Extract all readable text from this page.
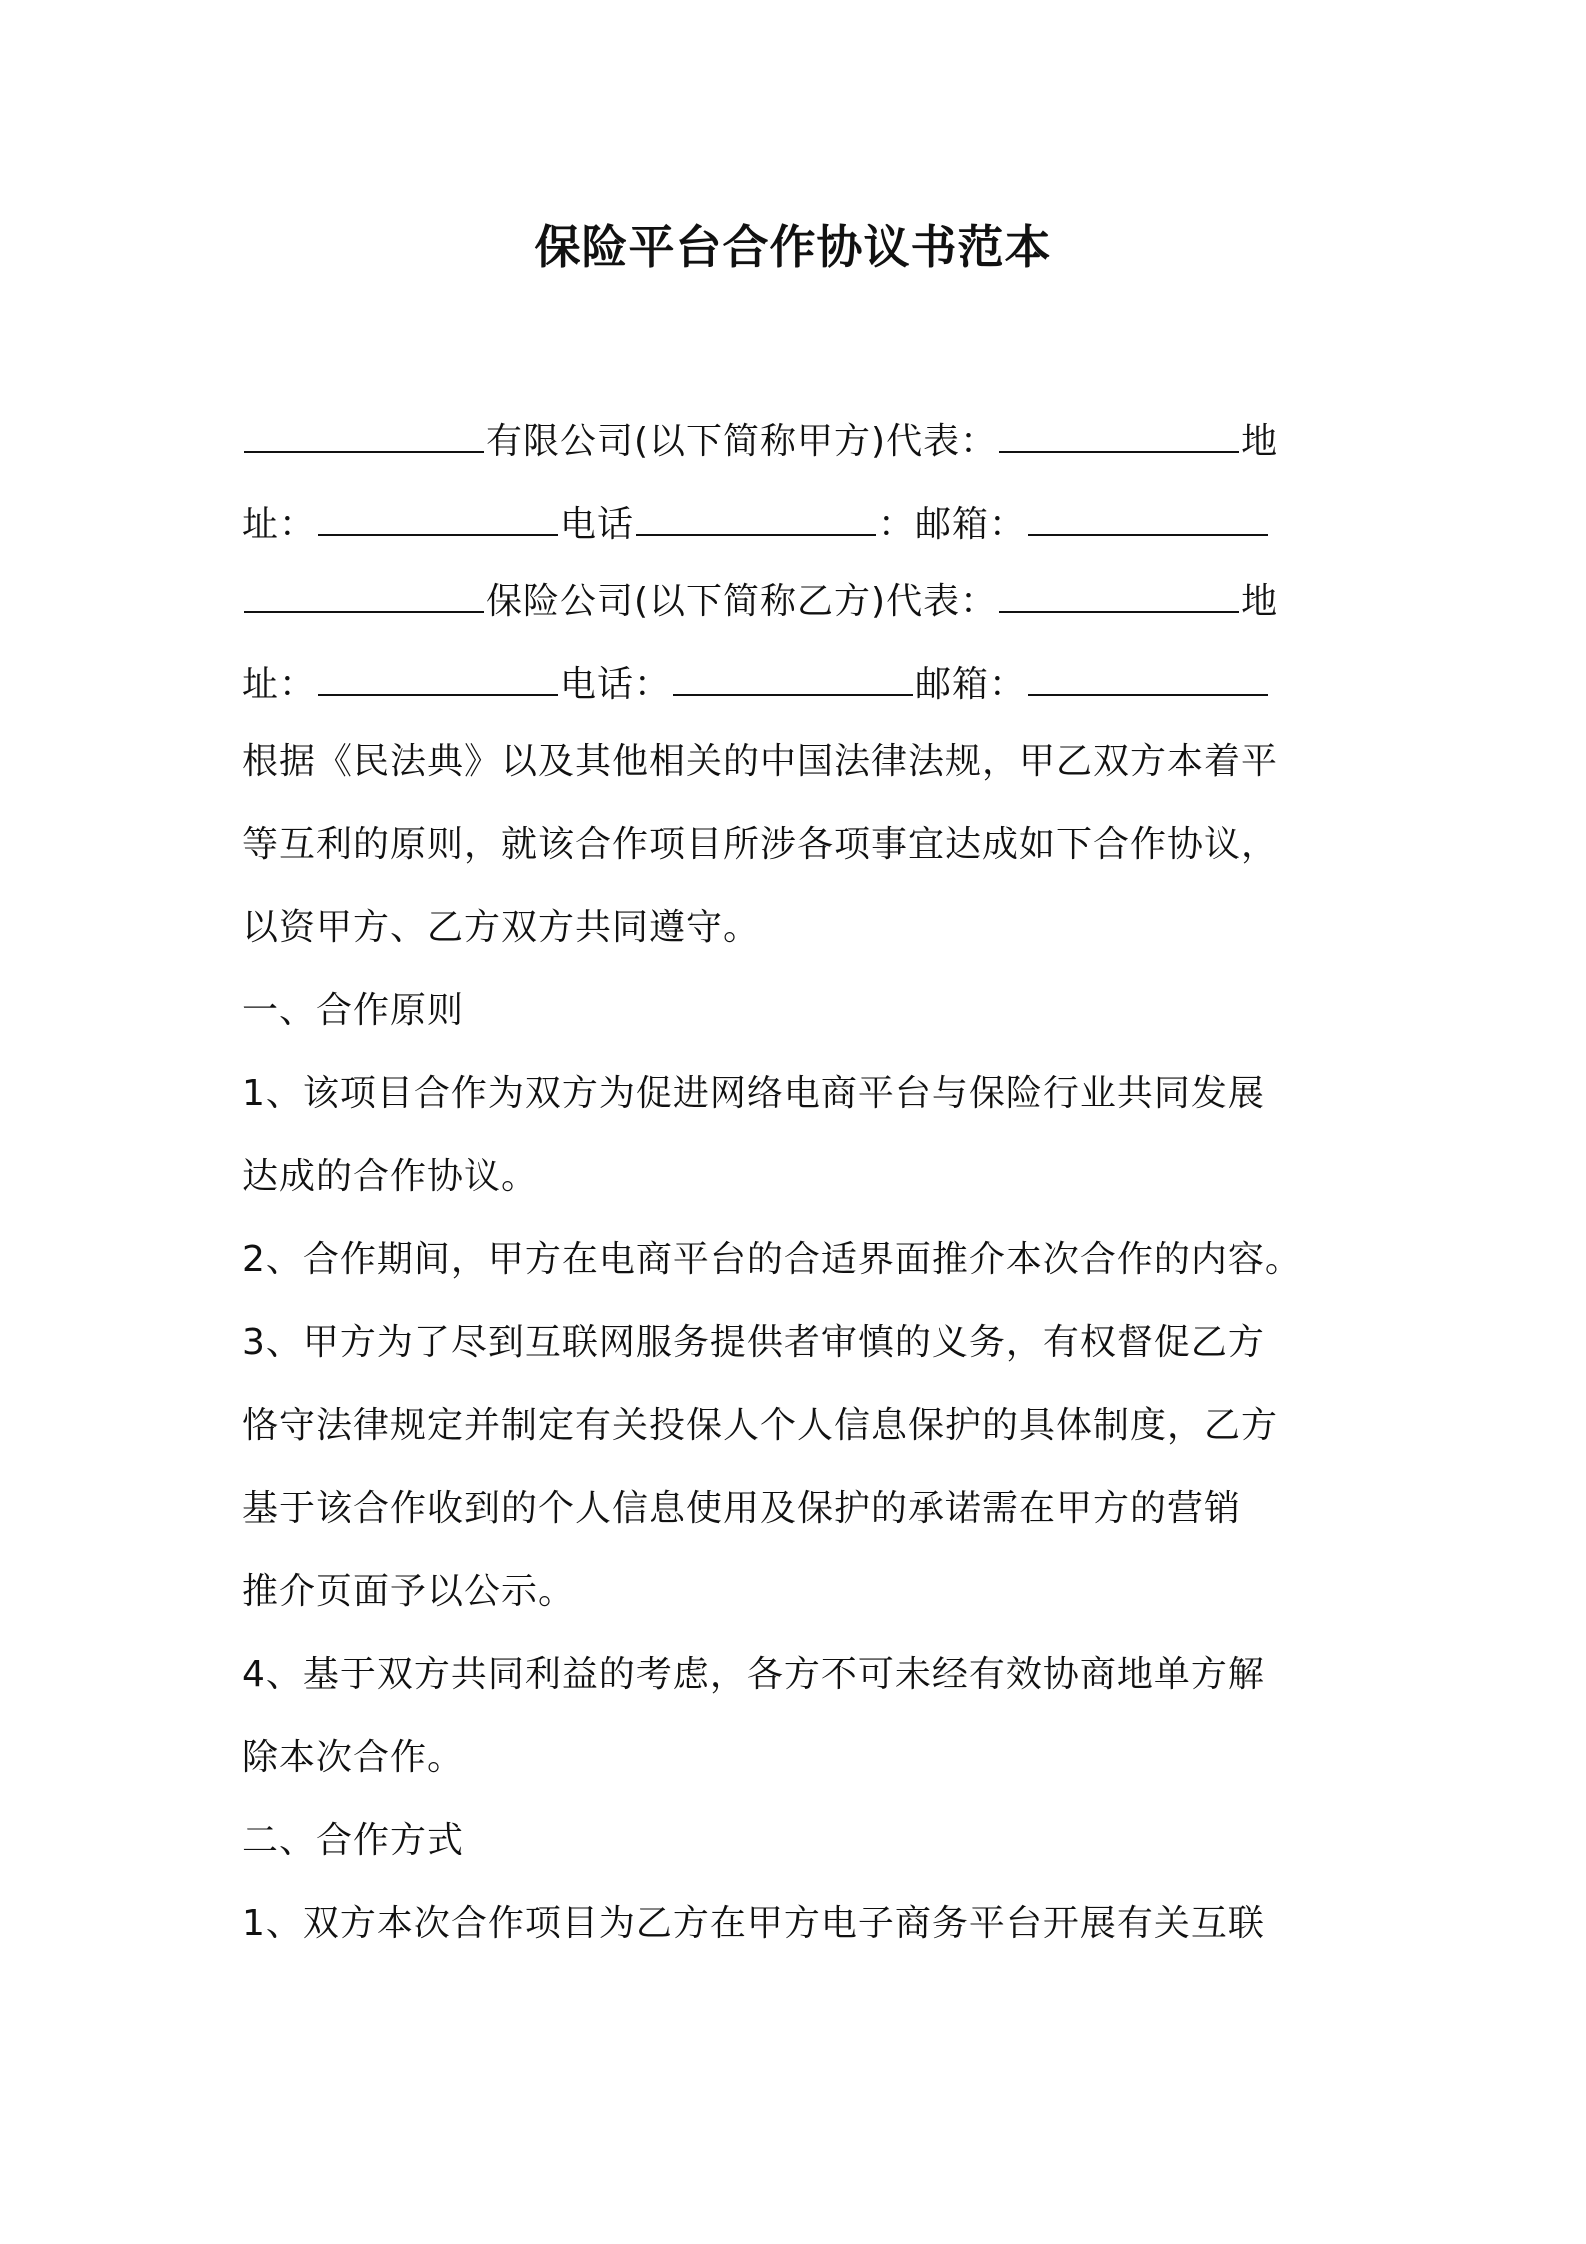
保险平台合作协议书范本
有限公司(以下简称甲方)代表：	地
址：	电话	：邮箱：
保险公司(以下简称乙方)代表：	地
址：	电话：	邮箱：
根据《民法典》以及其他相关的中国法律法规，甲乙双方本着平
等互利的原则，就该合作项目所涉各项事宜达成如下合作协议，
以资甲方、乙方双方共同遵守。
一、合作原则
1、该项目合作为双方为促进网络电商平台与保险行业共同发展
达成的合作协议。
2、合作期间，甲方在电商平台的合适界面推介本次合作的内容。
3、甲方为了尽到互联网服务提供者审慎的义务，有权督促乙方
恪守法律规定并制定有关投保人个人信息保护的具体制度，乙方
基于该合作收到的个人信息使用及保护的承诺需在甲方的营销
推介页面予以公示。
4、基于双方共同利益的考虑，各方不可未经有效协商地单方解
除本次合作。
二、合作方式
1、双方本次合作项目为乙方在甲方电子商务平台开展有关互联
